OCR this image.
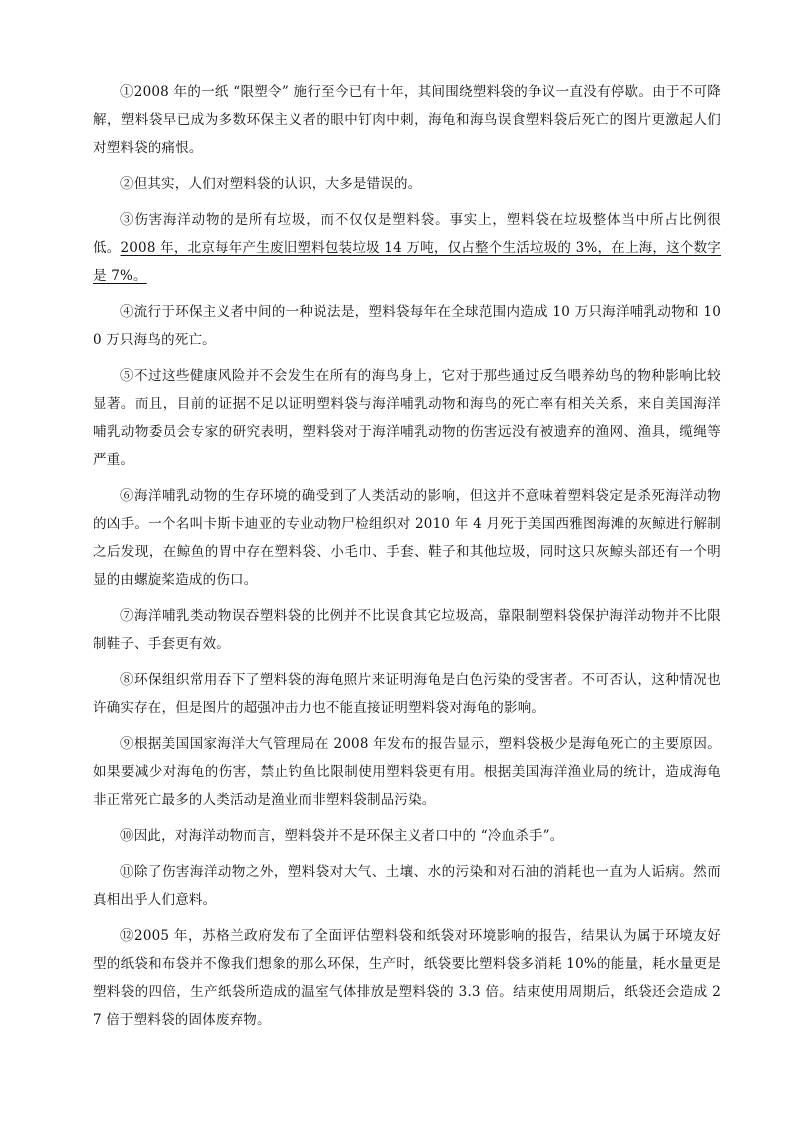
①2008 年的一纸 “限塑令” 施行至今已有十年，其间围绕塑料袋的争议一直没有停歇。由于不可降解，塑料袋早已成为多数环保主义者的眼中钉肉中刺，海龟和海鸟误食塑料袋后死亡的图片更激起人们对塑料袋的痛恨。

②但其实，人们对塑料袋的认识，大多是错误的。

③伤害海洋动物的是所有垃圾，而不仅仅是塑料袋。事实上，塑料袋在垃圾整体当中所占比例很低。2008 年，北京每年产生废旧塑料包装垃圾 14 万吨，仅占整个生活垃圾的 3%，在上海，这个数字是 7%。

④流行于环保主义者中间的一种说法是，塑料袋每年在全球范围内造成 10 万只海洋哺乳动物和 10 0 万只海鸟的死亡。

⑤不过这些健康风险并不会发生在所有的海鸟身上，它对于那些通过反刍喂养幼鸟的物种影响比较显著。而且，目前的证据不足以证明塑料袋与海洋哺乳动物和海鸟的死亡率有相关关系，来自美国海洋哺乳动物委员会专家的研究表明，塑料袋对于海洋哺乳动物的伤害远没有被遗弃的渔网、渔具，缆绳等严重。

⑥海洋哺乳动物的生存环境的确受到了人类活动的影响，但这并不意味着塑料袋定是杀死海洋动物的凶手。一个名叫卡斯卡迪亚的专业动物尸检组织对 2010 年 4 月死于美国西雅图海滩的灰鲸进行解制之后发现，在鲸鱼的胃中存在塑料袋、小毛巾、手套、鞋子和其他垃圾，同时这只灰鲸头部还有一个明显的由螺旋桨造成的伤口。

⑦海洋哺乳类动物误吞塑料袋的比例并不比误食其它垃圾高，靠限制塑料袋保护海洋动物并不比限制鞋子、手套更有效。

⑧环保组织常用吞下了塑料袋的海龟照片来证明海龟是白色污染的受害者。不可否认，这种情况也许确实存在，但是图片的超强冲击力也不能直接证明塑料袋对海龟的影响。

⑨根据美国国家海洋大气管理局在 2008 年发布的报告显示，塑料袋极少是海龟死亡的主要原因。如果要减少对海龟的伤害，禁止钓鱼比限制使用塑料袋更有用。根据美国海洋渔业局的统计，造成海龟非正常死亡最多的人类活动是渔业而非塑料袋制品污染。

⑩因此，对海洋动物而言，塑料袋并不是环保主义者口中的 “冷血杀手”。

⑪除了伤害海洋动物之外，塑料袋对大气、土壤、水的污染和对石油的消耗也一直为人诟病。然而真相出乎人们意料。

⑫2005 年，苏格兰政府发布了全面评估塑料袋和纸袋对环境影响的报告，结果认为属于环境友好型的纸袋和布袋并不像我们想象的那么环保，生产时，纸袋要比塑料袋多消耗 10%的能量，耗水量更是塑料袋的四倍，生产纸袋所造成的温室气体排放是塑料袋的 3.3 倍。结束使用周期后，纸袋还会造成 27 倍于塑料袋的固体废弃物。
